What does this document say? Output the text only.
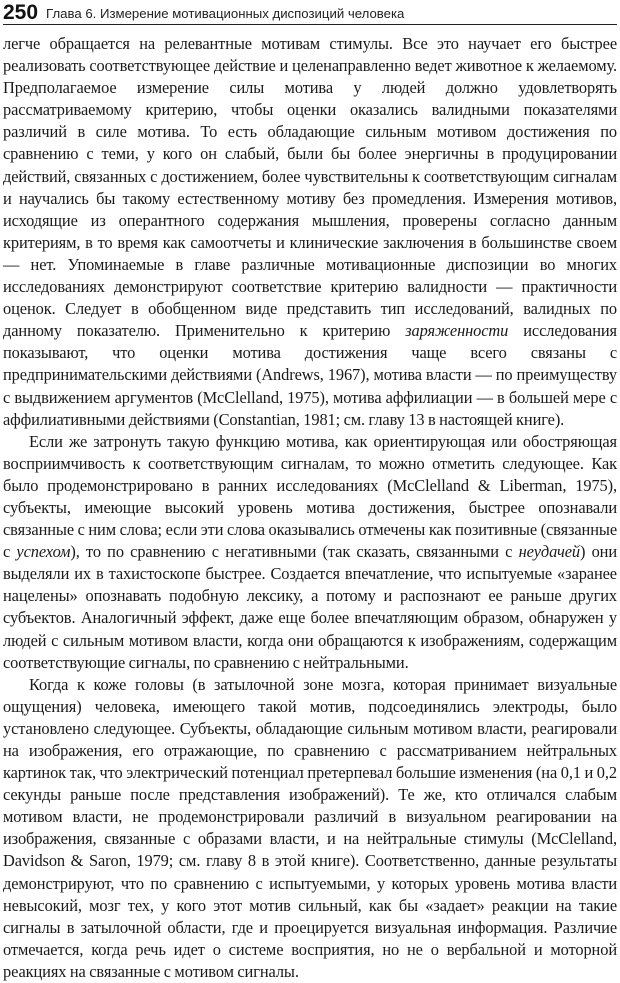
250 Глава 6. Измерение мотивационных диспозиций человека

легче обращается на релевантные мотивам стимулы. Все это научает его быстрее реализовать соответствующее действие и целенаправленно ведет животное к желаемому. Предполагаемое измерение силы мотива у людей должно удовлетворять рассматриваемому критерию, чтобы оценки оказались валидными показателями различий в силе мотива. То есть обладающие сильным мотивом достижения по сравнению с теми, у кого он слабый, были бы более энергичны в продуцировании действий, связанных с достижением, более чувствительны к соответствующим сигналам и научались бы такому естественному мотиву без промедления. Измерения мотивов, исходящие из оперантного содержания мышления, проверены согласно данным критериям, в то время как самоотчеты и клинические заключения в большинстве своем — нет. Упоминаемые в главе различные мотивационные диспозиции во многих исследованиях демонстрируют соответствие критерию валидности — практичности оценок. Следует в обобщенном виде представить тип исследований, валидных по данному показателю. Применительно к критерию заряженности исследования показывают, что оценки мотива достижения чаще всего связаны с предпринимательскими действиями (Andrews, 1967), мотива власти — по преимуществу с выдвижением аргументов (McClelland, 1975), мотива аффилиации — в большей мере с аффилиативными действиями (Constantian, 1981; см. главу 13 в настоящей книге).

Если же затронуть такую функцию мотива, как ориентирующая или обостряющая восприимчивость к соответствующим сигналам, то можно отметить следующее. Как было продемонстрировано в ранних исследованиях (McClelland & Liberman, 1975), субъекты, имеющие высокий уровень мотива достижения, быстрее опознавали связанные с ним слова; если эти слова оказывались отмечены как позитивные (связанные с успехом), то по сравнению с негативными (так сказать, связанными с неудачей) они выделяли их в тахистоскопе быстрее. Создается впечатление, что испытуемые «заранее нацелены» опознавать подобную лексику, а потому и распознают ее раньше других субъектов. Аналогичный эффект, даже еще более впечатляющим образом, обнаружен у людей с сильным мотивом власти, когда они обращаются к изображениям, содержащим соответствующие сигналы, по сравнению с нейтральными.

Когда к коже головы (в затылочной зоне мозга, которая принимает визуальные ощущения) человека, имеющего такой мотив, подсоединялись электроды, было установлено следующее. Субъекты, обладающие сильным мотивом власти, реагировали на изображения, его отражающие, по сравнению с рассматриванием нейтральных картинок так, что электрический потенциал претерпевал большие изменения (на 0,1 и 0,2 секунды раньше после представления изображений). Те же, кто отличался слабым мотивом власти, не продемонстрировали различий в визуальном реагировании на изображения, связанные с образами власти, и на нейтральные стимулы (McClelland, Davidson & Saron, 1979; см. главу 8 в этой книге). Соответственно, данные результаты демонстрируют, что по сравнению с испытуемыми, у которых уровень мотива власти невысокий, мозг тех, у кого этот мотив сильный, как бы «задает» реакции на такие сигналы в затылочной области, где и проецируется визуальная информация. Различие отмечается, когда речь идет о системе восприятия, но не о вербальной и моторной реакциях на связанные с мотивом сигналы.
